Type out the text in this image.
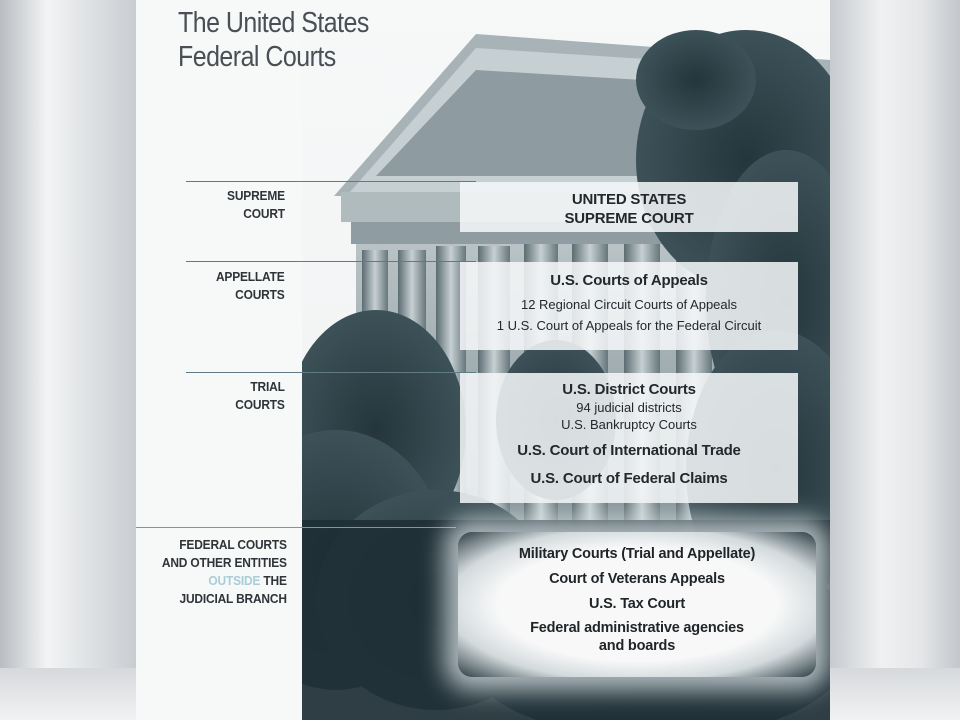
The United States
Federal Courts
SUPREME
COURT
APPELLATE
COURTS
TRIAL
COURTS
FEDERAL COURTS
AND OTHER ENTITIES
OUTSIDE THE
JUDICIAL BRANCH
UNITED STATES
SUPREME COURT
U.S. Courts of Appeals
12 Regional Circuit Courts of Appeals
1 U.S. Court of Appeals for the Federal Circuit
U.S. District Courts
94 judicial districts
U.S. Bankruptcy Courts
U.S. Court of International Trade
U.S. Court of Federal Claims
Military Courts (Trial and Appellate)
Court of Veterans Appeals
U.S. Tax Court
Federal administrative agencies
and boards
